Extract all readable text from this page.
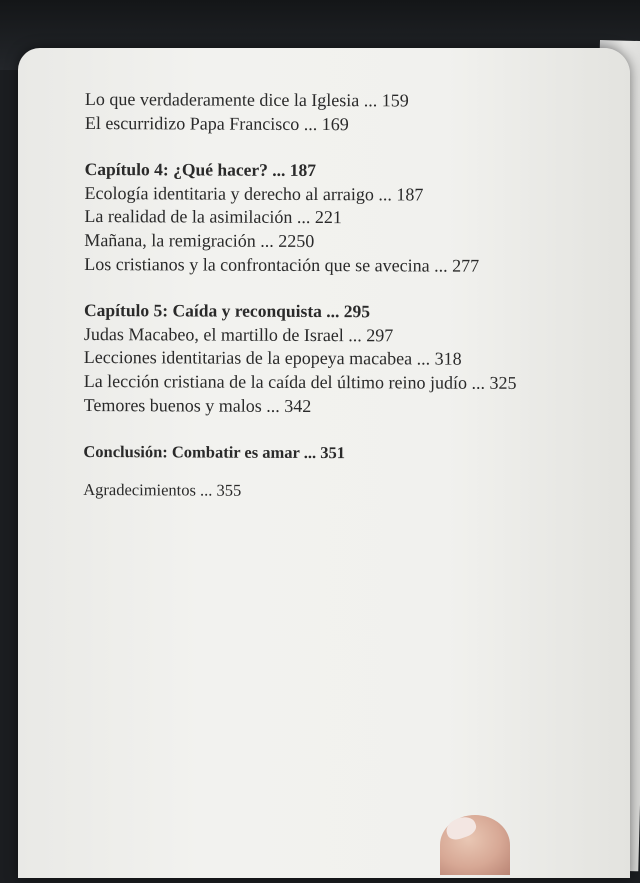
Lo que verdaderamente dice la Iglesia ... 159
El escurridizo Papa Francisco ... 169
Capítulo 4: ¿Qué hacer? ... 187
Ecología identitaria y derecho al arraigo ... 187
La realidad de la asimilación ... 221
Mañana, la remigración ... 2250
Los cristianos y la confrontación que se avecina ... 277
Capítulo 5: Caída y reconquista ... 295
Judas Macabeo, el martillo de Israel ... 297
Lecciones identitarias de la epopeya macabea ... 318
La lección cristiana de la caída del último reino judío ... 325
Temores buenos y malos ... 342
Conclusión: Combatir es amar ... 351
Agradecimientos ... 355
